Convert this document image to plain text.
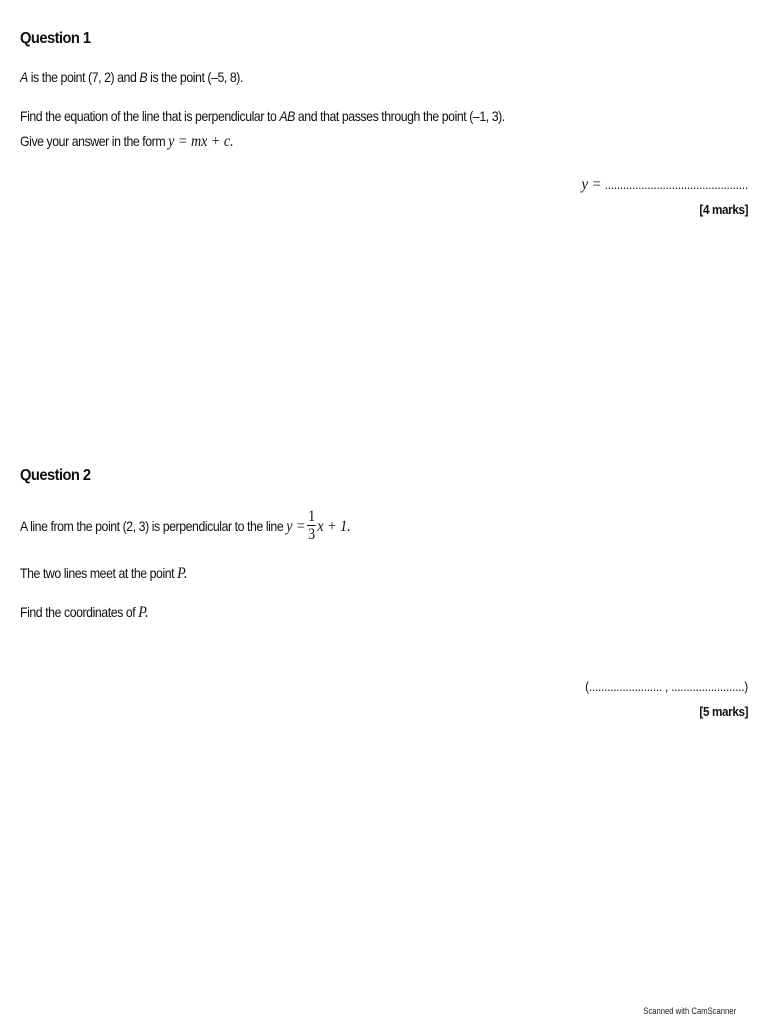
Question 1
A is the point (7, 2) and B is the point (–5, 8).
Find the equation of the line that is perpendicular to AB and that passes through the point (–1, 3).
Give your answer in the form y = mx + c.
y = ...............................................
[4 marks]
Question 2
A line from the point (2, 3) is perpendicular to the line $y = \frac{1}{3}$ x + 1.
The two lines meet at the point P.
Find the coordinates of P.
(........................ , ........................)
[5 marks]
Scanned with CamScanner
